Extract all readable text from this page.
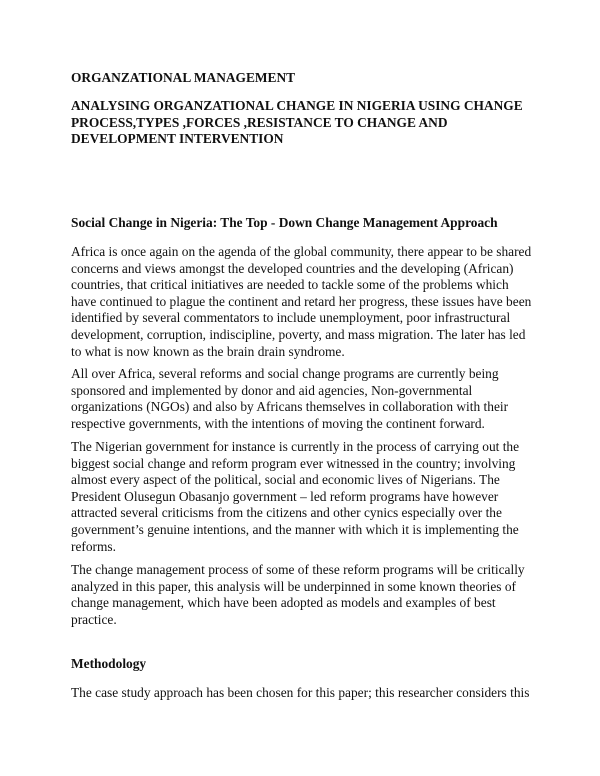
ORGANZATIONAL MANAGEMENT
ANALYSING ORGANZATIONAL CHANGE IN NIGERIA USING CHANGE
PROCESS,TYPES ,FORCES ,RESISTANCE TO CHANGE AND
DEVELOPMENT INTERVENTION
Social Change in Nigeria: The Top - Down Change Management Approach
Africa is once again on the agenda of the global community, there appear to be shared
concerns and views amongst the developed countries and the developing (African)
countries, that critical initiatives are needed to tackle some of the problems which
have continued to plague the continent and retard her progress, these issues have been
identified by several commentators to include unemployment, poor infrastructural
development, corruption, indiscipline, poverty, and mass migration. The later has led
to what is now known as the brain drain syndrome.
All over Africa, several reforms and social change programs are currently being
sponsored and implemented by donor and aid agencies, Non-governmental
organizations (NGOs) and also by Africans themselves in collaboration with their
respective governments, with the intentions of moving the continent forward.
The Nigerian government for instance is currently in the process of carrying out the
biggest social change and reform program ever witnessed in the country; involving
almost every aspect of the political, social and economic lives of Nigerians. The
President Olusegun Obasanjo government – led reform programs have however
attracted several criticisms from the citizens and other cynics especially over the
government’s genuine intentions, and the manner with which it is implementing the
reforms.
The change management process of some of these reform programs will be critically
analyzed in this paper, this analysis will be underpinned in some known theories of
change management, which have been adopted as models and examples of best
practice.
Methodology
The case study approach has been chosen for this paper; this researcher considers this
